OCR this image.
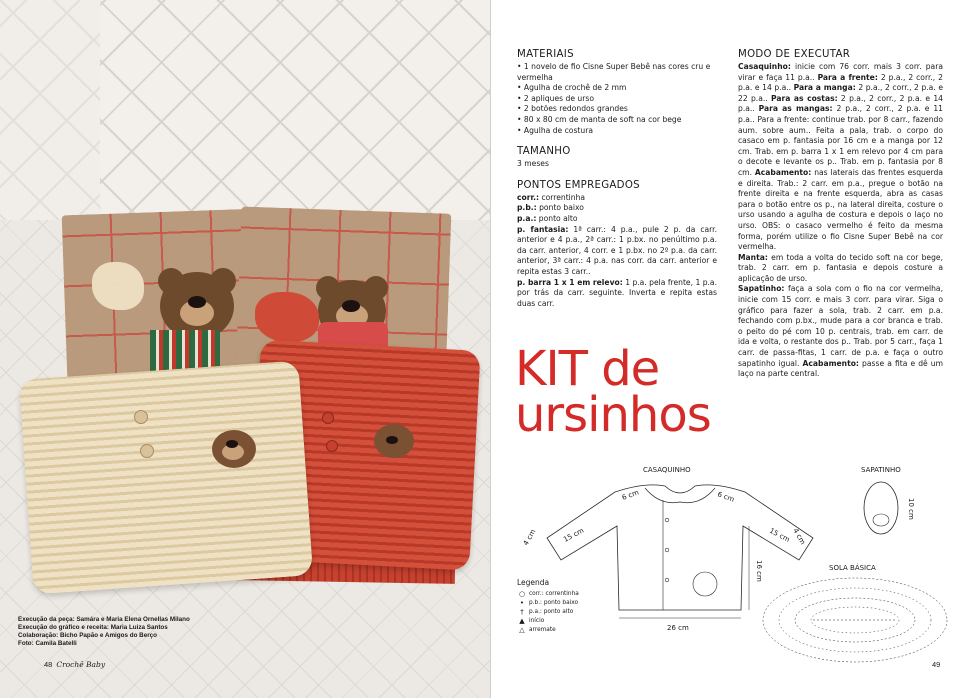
Execução da peça: Samára e Maria Elena Ornellas Milano
Execução do gráfico e receita: Maria Luiza Santos
Colaboração: Bicho Papão e Amigos do Berço
Foto: Camila Batelli
48 Crochê Baby
MATERIAIS
• 1 novelo de fio Cisne Super Bebê nas cores cru e vermelha
• Agulha de crochê de 2 mm
• 2 apliques de urso
• 2 botões redondos grandes
• 80 x 80 cm de manta de soft na cor bege
• Agulha de costura
TAMANHO
3 meses
PONTOS EMPREGADOS
corr.: correntinha
p.b.: ponto baixo
p.a.: ponto alto
p. fantasia: 1ª carr.: 4 p.a., pule 2 p. da carr. anterior e 4 p.a., 2ª carr.: 1 p.bx. no penúltimo p.a. da carr. anterior, 4 corr. e 1 p.bx. no 2º p.a. da carr. anterior, 3ª carr.: 4 p.a. nas corr. da carr. anterior e repita estas 3 carr..
p. barra 1 x 1 em relevo: 1 p.a. pela frente, 1 p.a. por trás da carr. seguinte. Inverta e repita estas duas carr.
KIT de
ursinhos
MODO DE EXECUTAR
Casaquinho: inicie com 76 corr. mais 3 corr. para virar e faça 11 p.a.. Para a frente: 2 p.a., 2 corr., 2 p.a. e 14 p.a.. Para a manga: 2 p.a., 2 corr., 2 p.a. e 22 p.a.. Para as costas: 2 p.a., 2 corr., 2 p.a. e 14 p.a.. Para as mangas: 2 p.a., 2 corr., 2 p.a. e 11 p.a.. Para a frente: continue trab. por 8 carr., fazendo aum. sobre aum.. Feita a pala, trab. o corpo do casaco em p. fantasia por 16 cm e a manga por 12 cm. Trab. em p. barra 1 x 1 em relevo por 4 cm para o decote e levante os p.. Trab. em p. fantasia por 8 cm. Acabamento: nas laterais das frentes esquerda e direita. Trab.: 2 carr. em p.a., pregue o botão na frente direita e na frente esquerda, abra as casas para o botão entre os p., na lateral direita, costure o urso usando a agulha de costura e depois o laço no urso. OBS: o casaco vermelho é feito da mesma forma, porém utilize o fio Cisne Super Bebê na cor vermelha.
Manta: em toda a volta do tecido soft na cor bege, trab. 2 carr. em p. fantasia e depois costure a aplicação de urso.
Sapatinho: faça a sola com o fio na cor vermelha, inicie com 15 corr. e mais 3 corr. para virar. Siga o gráfico para fazer a sola, trab. 2 carr. em p.a. fechando com p.bx., mude para a cor branca e trab. o peito do pé com 10 p. centrais, trab. em carr. de ida e volta, o restante dos p.. Trab. por 5 carr., faça 1 carr. de passa-fitas, 1 carr. de p.a. e faça o outro sapatinho igual. Acabamento: passe a fita e dê um laço na parte central.
CASAQUINHO
6 cm	6 cm
15 cm	15 cm
4 cm	4 cm
16 cm
26 cm
SAPATINHO
10 cm
SOLA BÁSICA
Legenda
○ corr.: correntinha
• p.b.: ponto baixo
† p.a.: ponto alto
▲ início
△ arremate
49
